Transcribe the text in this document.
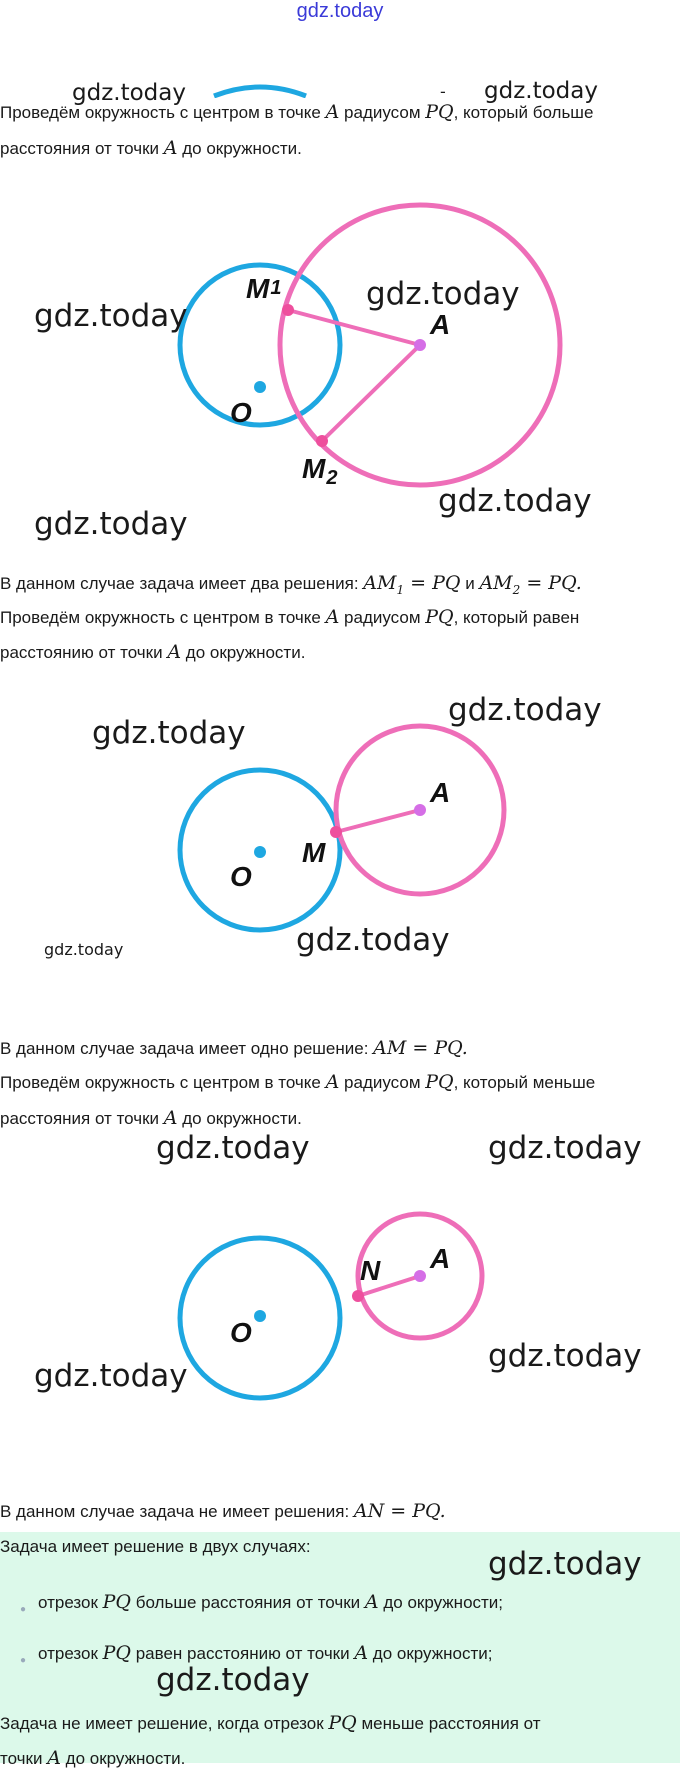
gdz.today
gdz.today	- gdz.today
Проведём окружность с центром в точке A радиусом PQ, который больше
расстояния от точки A до окружности.
M1
$M_2$
A
O
gdz.today
gdz.today
gdz.today
gdz.today
В данном случае задача имеет два решения: $AM_1$ = PQ и $AM_2$ = PQ.
Проведём окружность с центром в точке A радиусом PQ, который равен
расстоянию от точки A до окружности.
M
A
O
gdz.today
gdz.today
gdz.today
gdz.today
В данном случае задача имеет одно решение: AM = PQ.
Проведём окружность с центром в точке A радиусом PQ, который меньше
расстояния от точки A до окружности.
gdz.today	gdz.today
N A
O
gdz.today
gdz.today
В данном случае задача не имеет решения: AN = PQ.
Задача имеет решение в двух случаях:	gdz.today
● отрезок PQ больше расстояния от точки A до окружности;
● отрезок PQ равен расстоянию от точки A до окружности;
gdz.today
Задача не имеет решение, когда отрезок PQ меньше расстояния от
точки A до окружности.
